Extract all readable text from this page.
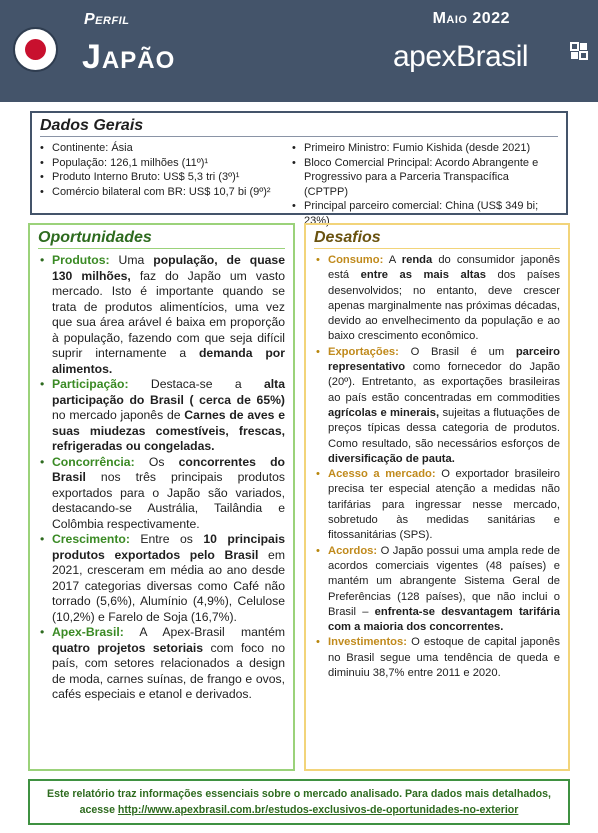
Perfil
Japão
Maio 2022
apexBrasil
Dados Gerais
• Continente: Ásia
• População: 126,1 milhões (11º)¹
• Produto Interno Bruto: US$ 5,3 tri (3º)¹
• Comércio bilateral com BR: US$ 10,7 bi (9º)²
• Primeiro Ministro: Fumio Kishida (desde 2021)
• Bloco Comercial Principal: Acordo Abrangente e Progressivo para a Parceria Transpacífica (CPTPP)
• Principal parceiro comercial: China (US$ 349 bi; 23%)
Oportunidades
• Produtos: Uma população, de quase 130 milhões, faz do Japão um vasto mercado. Isto é importante quando se trata de produtos alimentícios, uma vez que sua área arável é baixa em proporção à população, fazendo com que seja difícil suprir internamente a demanda por alimentos.
• Participação: Destaca-se a alta participação do Brasil ( cerca de 65%) no mercado japonês de Carnes de aves e suas miudezas comestíveis, frescas, refrigeradas ou congeladas.
• Concorrência: Os concorrentes do Brasil nos três principais produtos exportados para o Japão são variados, destacando-se Austrália, Tailândia e Colômbia respectivamente.
• Crescimento: Entre os 10 principais produtos exportados pelo Brasil em 2021, cresceram em média ao ano desde 2017 categorias diversas como Café não torrado (5,6%), Alumínio (4,9%), Celulose (10,2%) e Farelo de Soja (16,7%).
• Apex-Brasil: A Apex-Brasil mantém quatro projetos setoriais com foco no país, com setores relacionados a design de moda, carnes suínas, de frango e ovos, cafés especiais e etanol e derivados.
Desafios
• Consumo: A renda do consumidor japonês está entre as mais altas dos países desenvolvidos; no entanto, deve crescer apenas marginalmente nas próximas décadas, devido ao envelhecimento da população e ao baixo crescimento econômico.
• Exportações: O Brasil é um parceiro representativo como fornecedor do Japão (20º). Entretanto, as exportações brasileiras ao país estão concentradas em commodities agrícolas e minerais, sujeitas a flutuações de preços típicas dessa categoria de produtos. Como resultado, são necessários esforços de diversificação de pauta.
• Acesso a mercado: O exportador brasileiro precisa ter especial atenção a medidas não tarifárias para ingressar nesse mercado, sobretudo às medidas sanitárias e fitossanitárias (SPS).
• Acordos: O Japão possui uma ampla rede de acordos comerciais vigentes (48 países) e mantém um abrangente Sistema Geral de Preferências (128 países), que não inclui o Brasil – enfrenta-se desvantagem tarifária com a maioria dos concorrentes.
• Investimentos: O estoque de capital japonês no Brasil segue uma tendência de queda e diminuiu 38,7% entre 2011 e 2020.
Este relatório traz informações essenciais sobre o mercado analisado. Para dados mais detalhados,
acesse http://www.apexbrasil.com.br/estudos-exclusivos-de-oportunidades-no-exterior
